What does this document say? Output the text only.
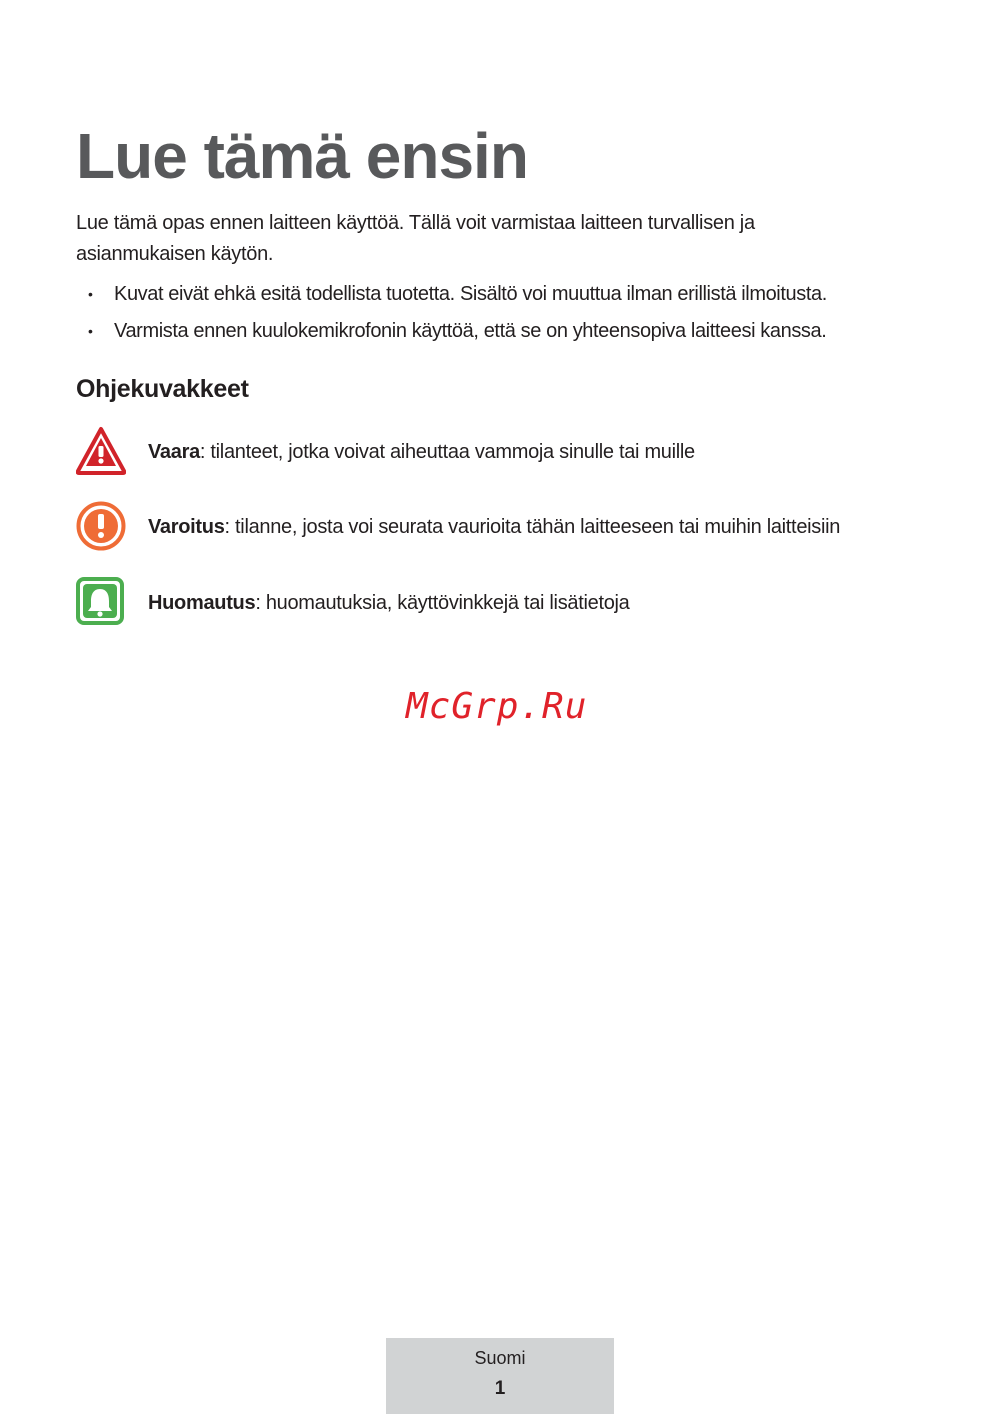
Lue tämä ensin

Lue tämä opas ennen laitteen käyttöä. Tällä voit varmistaa laitteen turvallisen ja asianmukaisen käytön.

• Kuvat eivät ehkä esitä todellista tuotetta. Sisältö voi muuttua ilman erillistä ilmoitusta.
• Varmista ennen kuulokemikrofonin käyttöä, että se on yhteensopiva laitteesi kanssa.
Ohjekuvakkeet
Vaara: tilanteet, jotka voivat aiheuttaa vammoja sinulle tai muille
Varoitus: tilanne, josta voi seurata vaurioita tähän laitteeseen tai muihin laitteisiin
Huomautus: huomautuksia, käyttövinkkejä tai lisätietoja
McGrp.Ru
Suomi
1
